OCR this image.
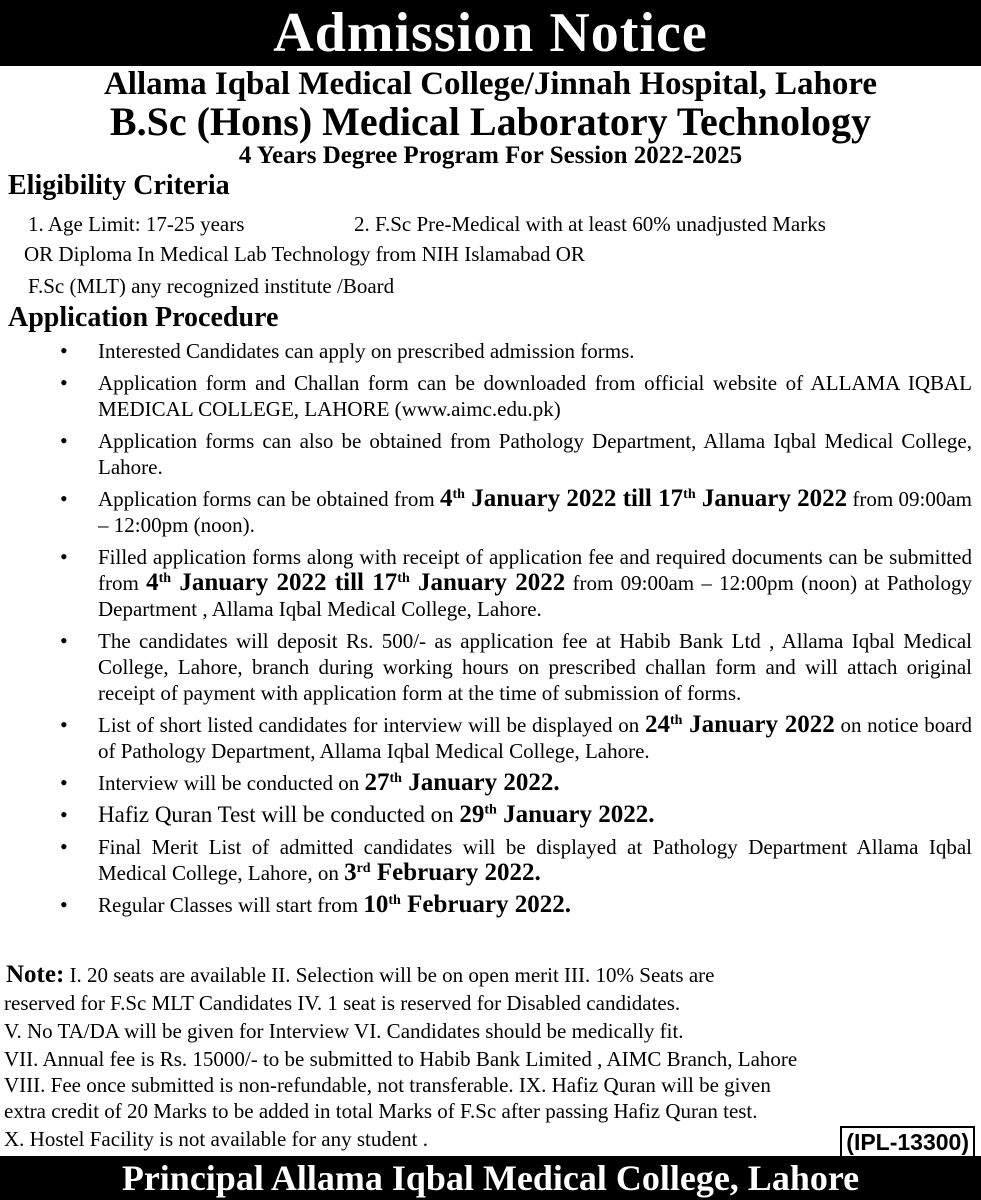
Admission Notice
Allama Iqbal Medical College/Jinnah Hospital, Lahore
B.Sc (Hons) Medical Laboratory Technology
4 Years Degree Program For Session 2022-2025
Eligibility Criteria
1. Age Limit: 17-25 years	2. F.Sc Pre-Medical with at least 60% unadjusted Marks
OR Diploma In Medical Lab Technology from NIH Islamabad OR
F.Sc (MLT) any recognized institute /Board
Application Procedure
• Interested Candidates can apply on prescribed admission forms.
• Application form and Challan form can be downloaded from official website of ALLAMA IQBAL MEDICAL COLLEGE, LAHORE (www.aimc.edu.pk)
• Application forms can also be obtained from Pathology Department, Allama Iqbal Medical College, Lahore.
• Application forms can be obtained from 4th January 2022 till 17th January 2022 from 09:00am – 12:00pm (noon).
• Filled application forms along with receipt of application fee and required documents can be submitted from 4th January 2022 till 17th January 2022 from 09:00am – 12:00pm (noon) at Pathology Department , Allama Iqbal Medical College, Lahore.
• The candidates will deposit Rs. 500/- as application fee at Habib Bank Ltd , Allama Iqbal Medical College, Lahore, branch during working hours on prescribed challan form and will attach original receipt of payment with application form at the time of submission of forms.
• List of short listed candidates for interview will be displayed on 24th January 2022 on notice board of Pathology Department, Allama Iqbal Medical College, Lahore.
• Interview will be conducted on 27th January 2022.
• Hafiz Quran Test will be conducted on 29th January 2022.
• Final Merit List of admitted candidates will be displayed at Pathology Department Allama Iqbal Medical College, Lahore, on 3rd February 2022.
• Regular Classes will start from 10th February 2022.
Note: I. 20 seats are available II. Selection will be on open merit III. 10% Seats are
reserved for F.Sc MLT Candidates IV. 1 seat is reserved for Disabled candidates.
V. No TA/DA will be given for Interview VI. Candidates should be medically fit.
VII. Annual fee is Rs. 15000/- to be submitted to Habib Bank Limited , AIMC Branch, Lahore
VIII. Fee once submitted is non-refundable, not transferable. IX. Hafiz Quran will be given
extra credit of 20 Marks to be added in total Marks of F.Sc after passing Hafiz Quran test.
X. Hostel Facility is not available for any student .	(IPL-13300)
Principal Allama Iqbal Medical College, Lahore
